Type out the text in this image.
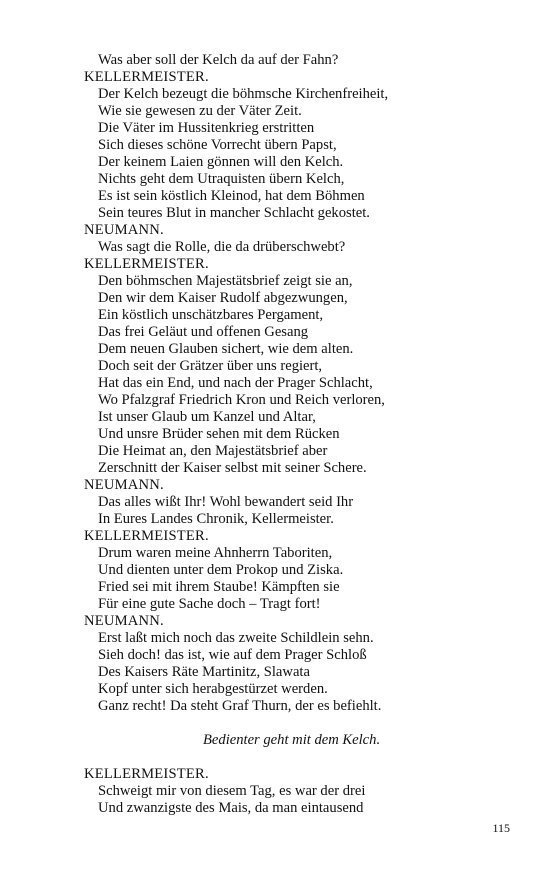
Was aber soll der Kelch da auf der Fahn?
KELLERMEISTER.
Der Kelch bezeugt die böhmsche Kirchenfreiheit,
Wie sie gewesen zu der Väter Zeit.
Die Väter im Hussitenkrieg erstritten
Sich dieses schöne Vorrecht übern Papst,
Der keinem Laien gönnen will den Kelch.
Nichts geht dem Utraquisten übern Kelch,
Es ist sein köstlich Kleinod, hat dem Böhmen
Sein teures Blut in mancher Schlacht gekostet.
NEUMANN.
Was sagt die Rolle, die da drüberschwebt?
KELLERMEISTER.
Den böhmschen Majestätsbrief zeigt sie an,
Den wir dem Kaiser Rudolf abgezwungen,
Ein köstlich unschätzbares Pergament,
Das frei Geläut und offenen Gesang
Dem neuen Glauben sichert, wie dem alten.
Doch seit der Grätzer über uns regiert,
Hat das ein End, und nach der Prager Schlacht,
Wo Pfalzgraf Friedrich Kron und Reich verloren,
Ist unser Glaub um Kanzel und Altar,
Und unsre Brüder sehen mit dem Rücken
Die Heimat an, den Majestätsbrief aber
Zerschnitt der Kaiser selbst mit seiner Schere.
NEUMANN.
Das alles wißt Ihr! Wohl bewandert seid Ihr
In Eures Landes Chronik, Kellermeister.
KELLERMEISTER.
Drum waren meine Ahnherrn Taboriten,
Und dienten unter dem Prokop und Ziska.
Fried sei mit ihrem Staube! Kämpften sie
Für eine gute Sache doch – Tragt fort!
NEUMANN.
Erst laßt mich noch das zweite Schildlein sehn.
Sieh doch! das ist, wie auf dem Prager Schloß
Des Kaisers Räte Martinitz, Slawata
Kopf unter sich herabgestürzet werden.
Ganz recht! Da steht Graf Thurn, der es befiehlt.
Bedienter geht mit dem Kelch.
KELLERMEISTER.
Schweigt mir von diesem Tag, es war der drei
Und zwanzigste des Mais, da man eintausend
115
